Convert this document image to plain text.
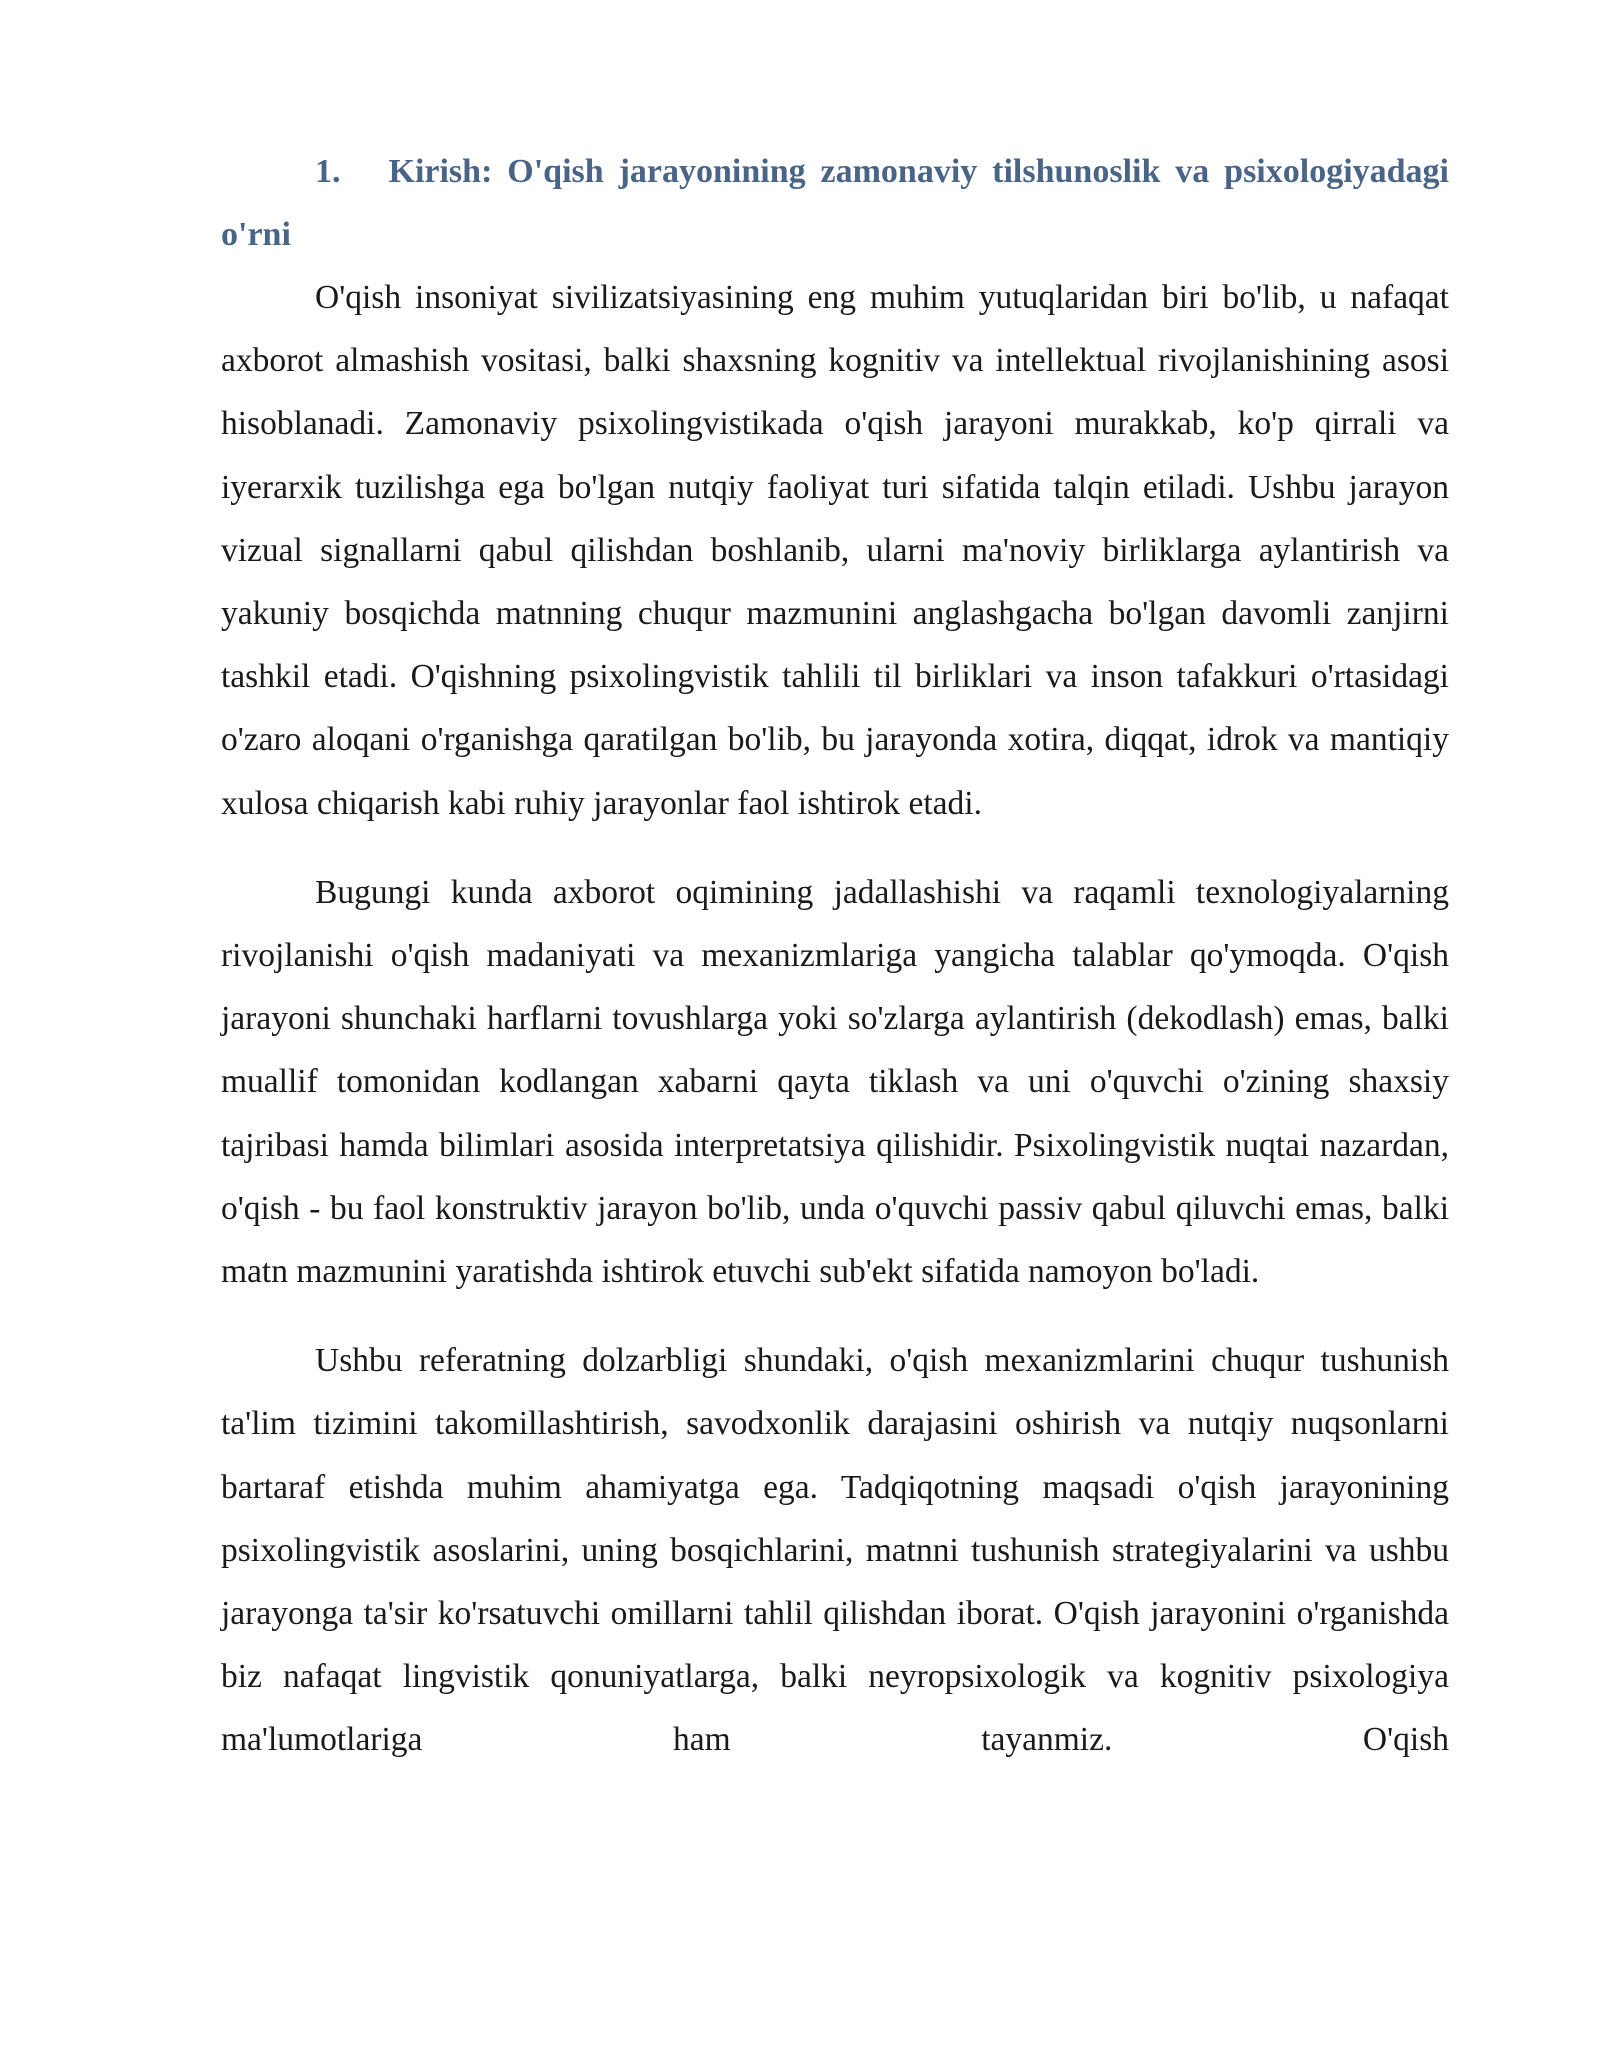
1. Kirish: O'qish jarayonining zamonaviy tilshunoslik va psixologiyadagi o'rni

O'qish insoniyat sivilizatsiyasining eng muhim yutuqlaridan biri bo'lib, u nafaqat axborot almashish vositasi, balki shaxsning kognitiv va intellektual rivojlanishining asosi hisoblanadi. Zamonaviy psixolingvistikada o'qish jarayoni murakkab, ko'p qirrali va iyerarxik tuzilishga ega bo'lgan nutqiy faoliyat turi sifatida talqin etiladi. Ushbu jarayon vizual signallarni qabul qilishdan boshlanib, ularni ma'noviy birliklarga aylantirish va yakuniy bosqichda matnning chuqur mazmunini anglashgacha bo'lgan davomli zanjirni tashkil etadi. O'qishning psixolingvistik tahlili til birliklari va inson tafakkuri o'rtasidagi o'zaro aloqani o'rganishga qaratilgan bo'lib, bu jarayonda xotira, diqqat, idrok va mantiqiy xulosa chiqarish kabi ruhiy jarayonlar faol ishtirok etadi.

Bugungi kunda axborot oqimining jadallashishi va raqamli texnologiyalarning rivojlanishi o'qish madaniyati va mexanizmlariga yangicha talablar qo'ymoqda. O'qish jarayoni shunchaki harflarni tovushlarga yoki so'zlarga aylantirish (dekodlash) emas, balki muallif tomonidan kodlangan xabarni qayta tiklash va uni o'quvchi o'zining shaxsiy tajribasi hamda bilimlari asosida interpretatsiya qilishidir. Psixolingvistik nuqtai nazardan, o'qish - bu faol konstruktiv jarayon bo'lib, unda o'quvchi passiv qabul qiluvchi emas, balki matn mazmunini yaratishda ishtirok etuvchi sub'ekt sifatida namoyon bo'ladi.

Ushbu referatning dolzarbligi shundaki, o'qish mexanizmlarini chuqur tushunish ta'lim tizimini takomillashtirish, savodxonlik darajasini oshirish va nutqiy nuqsonlarni bartaraf etishda muhim ahamiyatga ega. Tadqiqotning maqsadi o'qish jarayonining psixolingvistik asoslarini, uning bosqichlarini, matnni tushunish strategiyalarini va ushbu jarayonga ta'sir ko'rsatuvchi omillarni tahlil qilishdan iborat. O'qish jarayonini o'rganishda biz nafaqat lingvistik qonuniyatlarga, balki neyropsixologik va kognitiv psixologiya ma'lumotlariga ham tayanmiz. O'qish
